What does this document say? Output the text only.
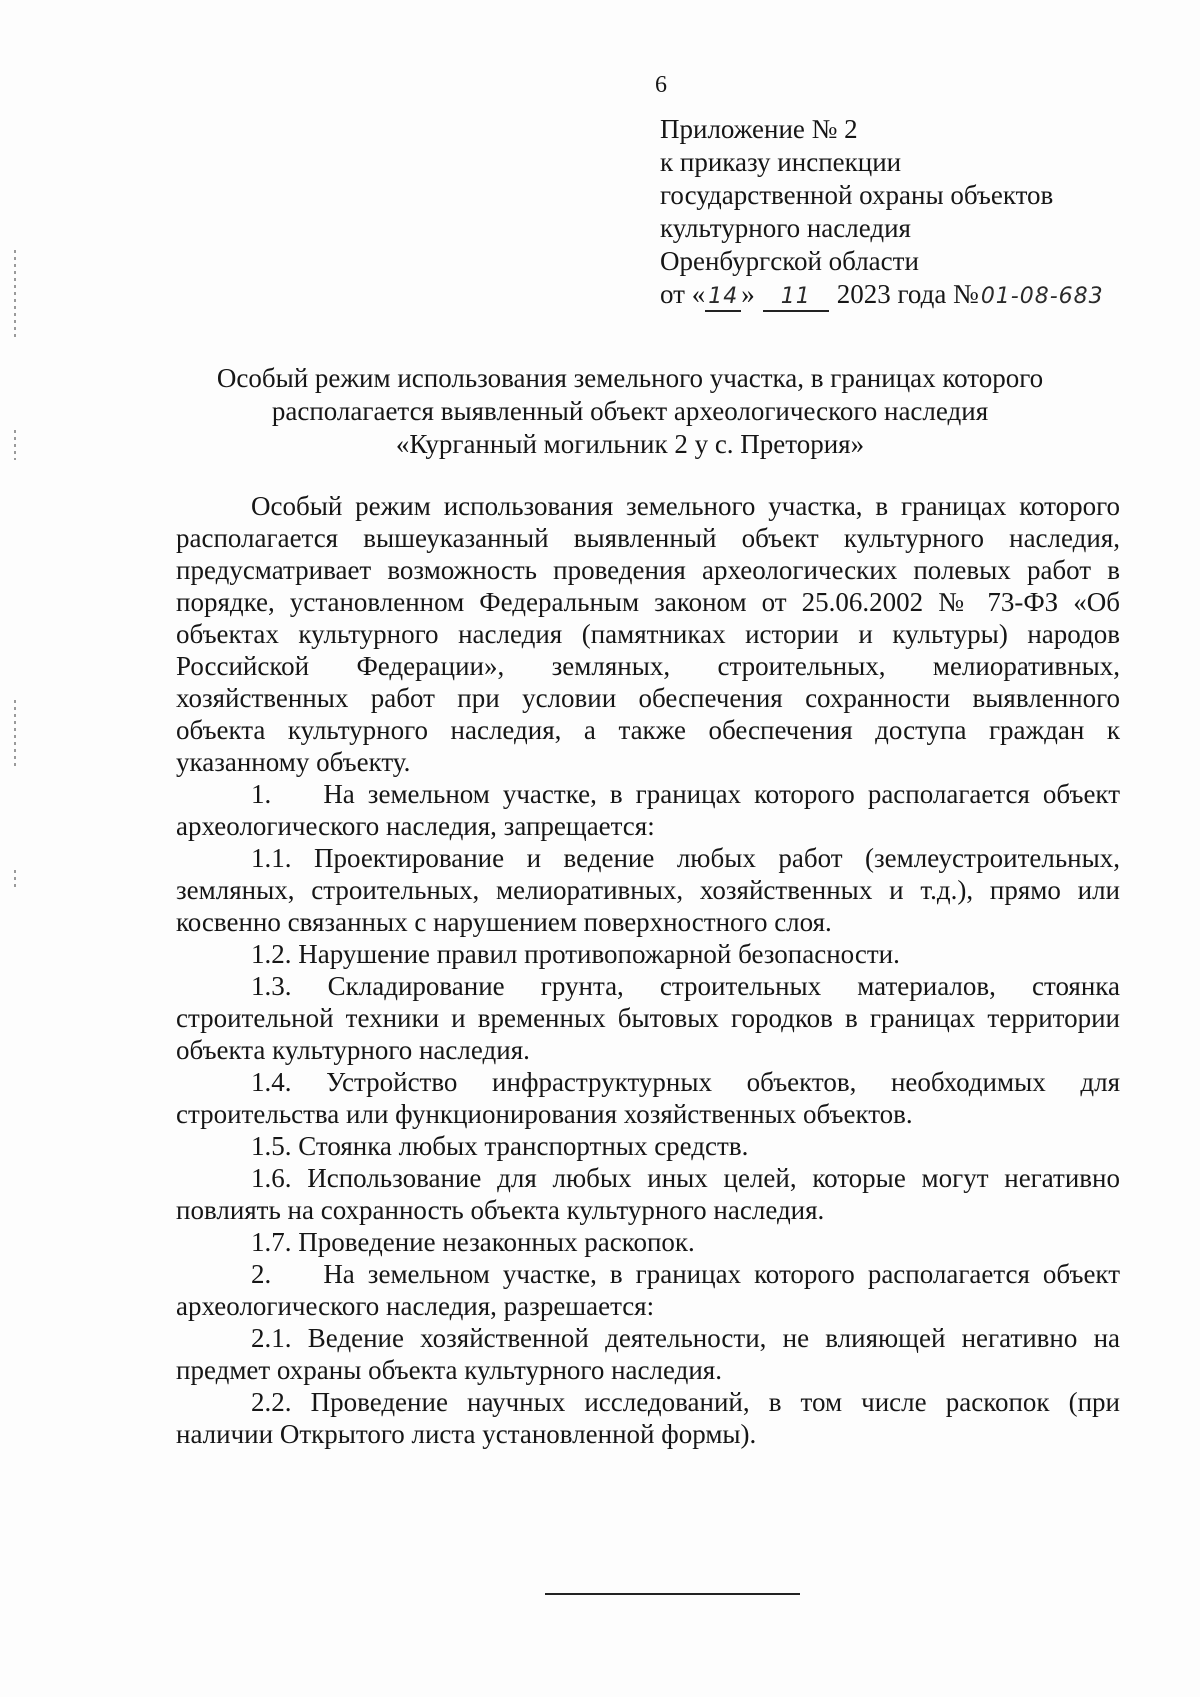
6
Приложение № 2
к приказу инспекции
государственной охраны объектов
культурного наследия
Оренбургской области
от « 14 » 11 2023 года №01-08-683
Особый режим использования земельного участка, в границах которого
располагается выявленный объект археологического наследия
«Курганный могильник 2 у с. Претория»

Особый режим использования земельного участка, в границах которого располагается вышеуказанный выявленный объект культурного наследия, предусматривает возможность проведения археологических полевых работ в порядке, установленном Федеральным законом от 25.06.2002 № 73-ФЗ «Об объектах культурного наследия (памятниках истории и культуры) народов Российской Федерации», земляных, строительных, мелиоративных, хозяйственных работ при условии обеспечения сохранности выявленного объекта культурного наследия, а также обеспечения доступа граждан к указанному объекту.

1.    На земельном участке, в границах которого располагается объект археологического наследия, запрещается:

1.1. Проектирование и ведение любых работ (землеустроительных, земляных, строительных, мелиоративных, хозяйственных и т.д.), прямо или косвенно связанных с нарушением поверхностного слоя.

1.2. Нарушение правил противопожарной безопасности.

1.3. Складирование грунта, строительных материалов, стоянка строительной техники и временных бытовых городков в границах территории объекта культурного наследия.

1.4. Устройство инфраструктурных объектов, необходимых для строительства или функционирования хозяйственных объектов.

1.5. Стоянка любых транспортных средств.

1.6. Использование для любых иных целей, которые могут негативно повлиять на сохранность объекта культурного наследия.

1.7. Проведение незаконных раскопок.

2.    На земельном участке, в границах которого располагается объект археологического наследия, разрешается:

2.1. Ведение хозяйственной деятельности, не влияющей негативно на предмет охраны объекта культурного наследия.

2.2. Проведение научных исследований, в том числе раскопок (при наличии Открытого листа установленной формы).
